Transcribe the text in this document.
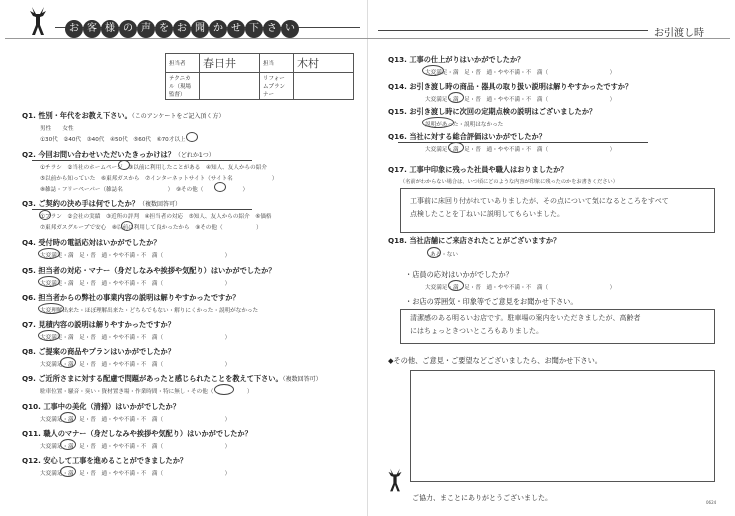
お 客 様 の 声 を お 聞 か せ 下 さ い	お引渡し時
担当者	春日井	担当	木村
テクニカル（現場監督）		リフォームプランナー	
Q1. 性別・年代をお教え下さい。（このアンケートをご記入頂く方）
男性　　女性
①30代　②40代　③40代　④50代　⑤60代　⑥70才以上
Q2. 今回お問い合わせいただいたきっかけは？（どれか1つ）
①チラシ　②当社のホームページ　③以前に利用したことがある　④知人、友人からの紹介
⑤以前から知っていた　⑥東邦ガスから　⑦インターネットサイト（サイト名　　　　　　　）
⑧雑誌・フリーペーパー（雑誌名　　　　　　　　）　⑨その他（　　　　　　　）
Q3. ご契約の決め手は何でしたか？（複数回答可）
①プラン　②会社の実績　③近所の評判　④担当者の対応　⑤知人、友人からの紹介　⑥価格
⑦東邦ガスグループで安心　⑧以前に利用して良かったから　⑨その他（　　　　　　）
Q4. 受付時の電話応対はいかがでしたか？
大変満足・満　足・普　通・やや不満・不　満（　　　　　　　　　　　）
Q5. 担当者の対応・マナー（身だしなみや挨拶や気配り）はいかがでしたか？
大変満足・満　足・普　通・やや不満・不　満（　　　　　　　　　　　）
Q6. 担当者からの弊社の事業内容の説明は解りやすかったですか？
大変理解出来た・ほぼ理解出来た・どちらでもない・解りにくかった・説明がなかった
Q7. 見積内容の説明は解りやすかったですか？
大変満足・満　足・普　通・やや不満・不　満（　　　　　　　　　　　）
Q8. ご提案の商品やプランはいかがでしたか？
大変満足・満　足・普　通・やや不満・不　満（　　　　　　　　　　　）
Q9. ご近所さまに対する配慮で問題があったと感じられたことを教えて下さい。（複数回答可）
駐車位置・騒音・臭い・資材置き場・作業時間・特に無し・その他（　　　　　　）
Q10. 工事中の美化（清掃）はいかがでしたか？
大変満足・満　足・普　通・やや不満・不　満（　　　　　　　　　　　）
Q11. 職人のマナー（身だしなみや挨拶や気配り）はいかがでしたか？
大変満足・満　足・普　通・やや不満・不　満（　　　　　　　　　　　）
Q12. 安心して工事を進めることができましたか？
大変満足・満　足・普　通・やや不満・不　満（　　　　　　　　　　　）
Q13. 工事の仕上がりはいかがでしたか？
大変満足・満　足・普　通・やや不満・不　満（　　　　　　　　　　　）
Q14. お引き渡し時の商品・器具の取り扱い説明は解りやすかったですか？
大変満足・満　足・普　通・やや不満・不　満（　　　　　　　　　　　）
Q15. お引き渡し時に次回の定期点検の説明はございましたか？
説明があった・説明はなかった
Q16. 当社に対する総合評価はいかがでしたか？
大変満足・満　足・普　通・やや不満・不　満（　　　　　　　　　　　）
Q17. 工事中印象に残った社員や職人はおりましたか？
（名前がわからない場合は、いつ頃にどのような内容が印象に残ったのかをお書きください）
工事前に床回り付がれていありましたが、その点について気になるところをすべて
点検したことを丁ねいに説明してもらいました。
Q18. 当社店舗にご来店されたことがございますか？
ある・ない
・店員の応対はいかがでしたか？
大変満足・満　足・普　通・やや不満・不　満（　　　　　　　　　　　）
・お店の雰囲気・印象等でご意見をお聞かせ下さい。
清潔感のある明るいお店です。駐車場の案内をいただきましたが、高齢者
にはちょっときついところもありました。
◆その他、ご意見・ご要望などございましたら、お聞かせ下さい。
ご協力、まことにありがとうございました。
0624
